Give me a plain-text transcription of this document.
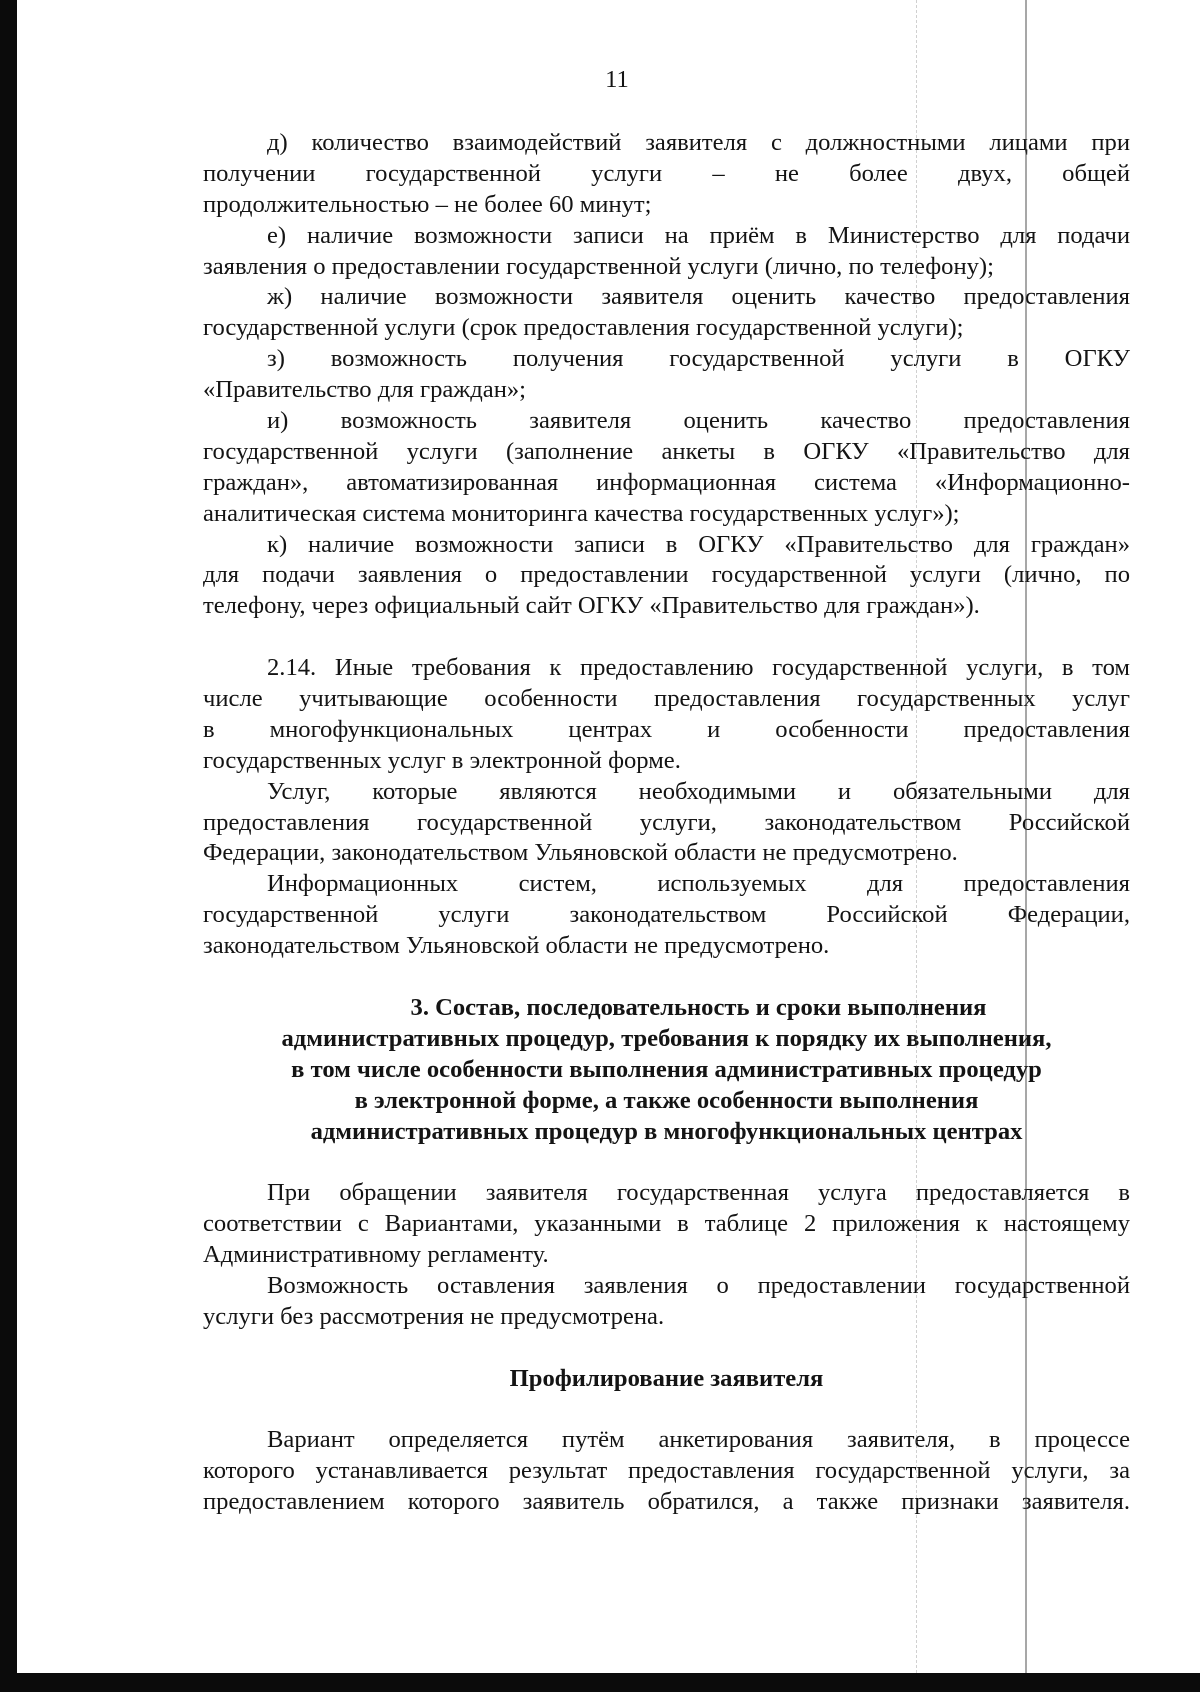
11
д) количество взаимодействий заявителя с должностными лицами при
получении государственной услуги – не более двух, общей
продолжительностью – не более 60 минут;
е) наличие возможности записи на приём в Министерство для подачи
заявления о предоставлении государственной услуги (лично, по телефону);
ж) наличие возможности заявителя оценить качество предоставления
государственной услуги (срок предоставления государственной услуги);
з) возможность получения государственной услуги в ОГКУ
«Правительство для граждан»;
и) возможность заявителя оценить качество предоставления
государственной услуги (заполнение анкеты в ОГКУ «Правительство для
граждан», автоматизированная информационная система «Информационно-
аналитическая система мониторинга качества государственных услуг»);
к) наличие возможности записи в ОГКУ «Правительство для граждан»
для подачи заявления о предоставлении государственной услуги (лично, по
телефону, через официальный сайт ОГКУ «Правительство для граждан»).
2.14. Иные требования к предоставлению государственной услуги, в том
числе учитывающие особенности предоставления государственных услуг
в многофункциональных центрах и особенности предоставления
государственных услуг в электронной форме.
Услуг, которые являются необходимыми и обязательными для
предоставления государственной услуги, законодательством Российской
Федерации, законодательством Ульяновской области не предусмотрено.
Информационных систем, используемых для предоставления
государственной услуги законодательством Российской Федерации,
законодательством Ульяновской области не предусмотрено.
3. Состав, последовательность и сроки выполнения
административных процедур, требования к порядку их выполнения,
в том числе особенности выполнения административных процедур
в электронной форме, а также особенности выполнения
административных процедур в многофункциональных центрах
При обращении заявителя государственная услуга предоставляется в
соответствии с Вариантами, указанными в таблице 2 приложения к настоящему
Административному регламенту.
Возможность оставления заявления о предоставлении государственной
услуги без рассмотрения не предусмотрена.
Профилирование заявителя
Вариант определяется путём анкетирования заявителя, в процессе
которого устанавливается результат предоставления государственной услуги, за
предоставлением которого заявитель обратился, а также признаки заявителя.
